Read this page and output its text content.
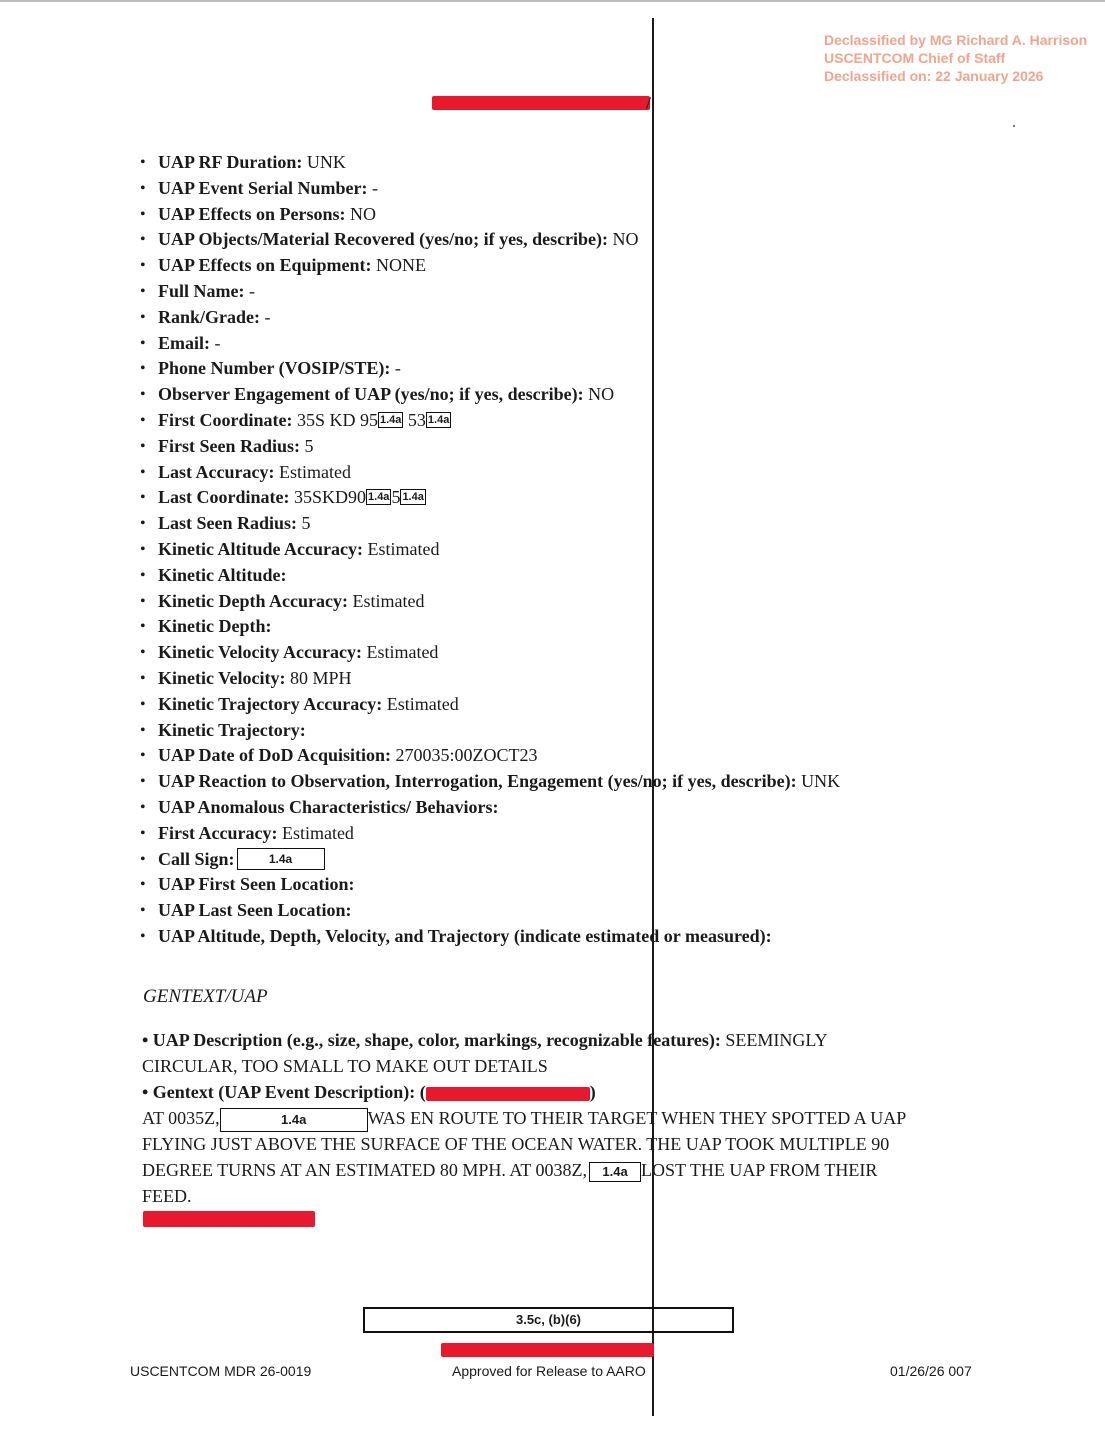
Declassified by MG Richard A. Harrison
USCENTCOM Chief of Staff
Declassified on: 22 January 2026
• UAP RF Duration: UNK
• UAP Event Serial Number: -
• UAP Effects on Persons: NO
• UAP Objects/Material Recovered (yes/no; if yes, describe): NO
• UAP Effects on Equipment: NONE
• Full Name: -
• Rank/Grade: -
• Email: -
• Phone Number (VOSIP/STE): -
• Observer Engagement of UAP (yes/no; if yes, describe): NO
• First Coordinate: 35S KD 95 1.4a 53 1.4a
• First Seen Radius: 5
• Last Accuracy: Estimated
• Last Coordinate: 35SKD90 1.4a 5 1.4a
• Last Seen Radius: 5
• Kinetic Altitude Accuracy: Estimated
• Kinetic Altitude:
• Kinetic Depth Accuracy: Estimated
• Kinetic Depth:
• Kinetic Velocity Accuracy: Estimated
• Kinetic Velocity: 80 MPH
• Kinetic Trajectory Accuracy: Estimated
• Kinetic Trajectory:
• UAP Date of DoD Acquisition: 270035:00ZOCT23
• UAP Reaction to Observation, Interrogation, Engagement (yes/no; if yes, describe): UNK
• UAP Anomalous Characteristics/ Behaviors:
• First Accuracy: Estimated
• Call Sign:	1.4a
• UAP First Seen Location:
• UAP Last Seen Location:
• UAP Altitude, Depth, Velocity, and Trajectory (indicate estimated or measured):
GENTEXT/UAP
• UAP Description (e.g., size, shape, color, markings, recognizable features): SEEMINGLY
CIRCULAR, TOO SMALL TO MAKE OUT DETAILS
• Gentext (UAP Event Description): (	)
AT 0035Z,	1.4a	WAS EN ROUTE TO THEIR TARGET WHEN THEY SPOTTED A UAP
FLYING JUST ABOVE THE SURFACE OF THE OCEAN WATER. THE UAP TOOK MULTIPLE 90
DEGREE TURNS AT AN ESTIMATED 80 MPH. AT 0038Z, 1.4a LOST THE UAP FROM THEIR
FEED.
3.5c, (b)(6)
USCENTCOM MDR 26-0019	Approved for Release to AARO	01/26/26 007
